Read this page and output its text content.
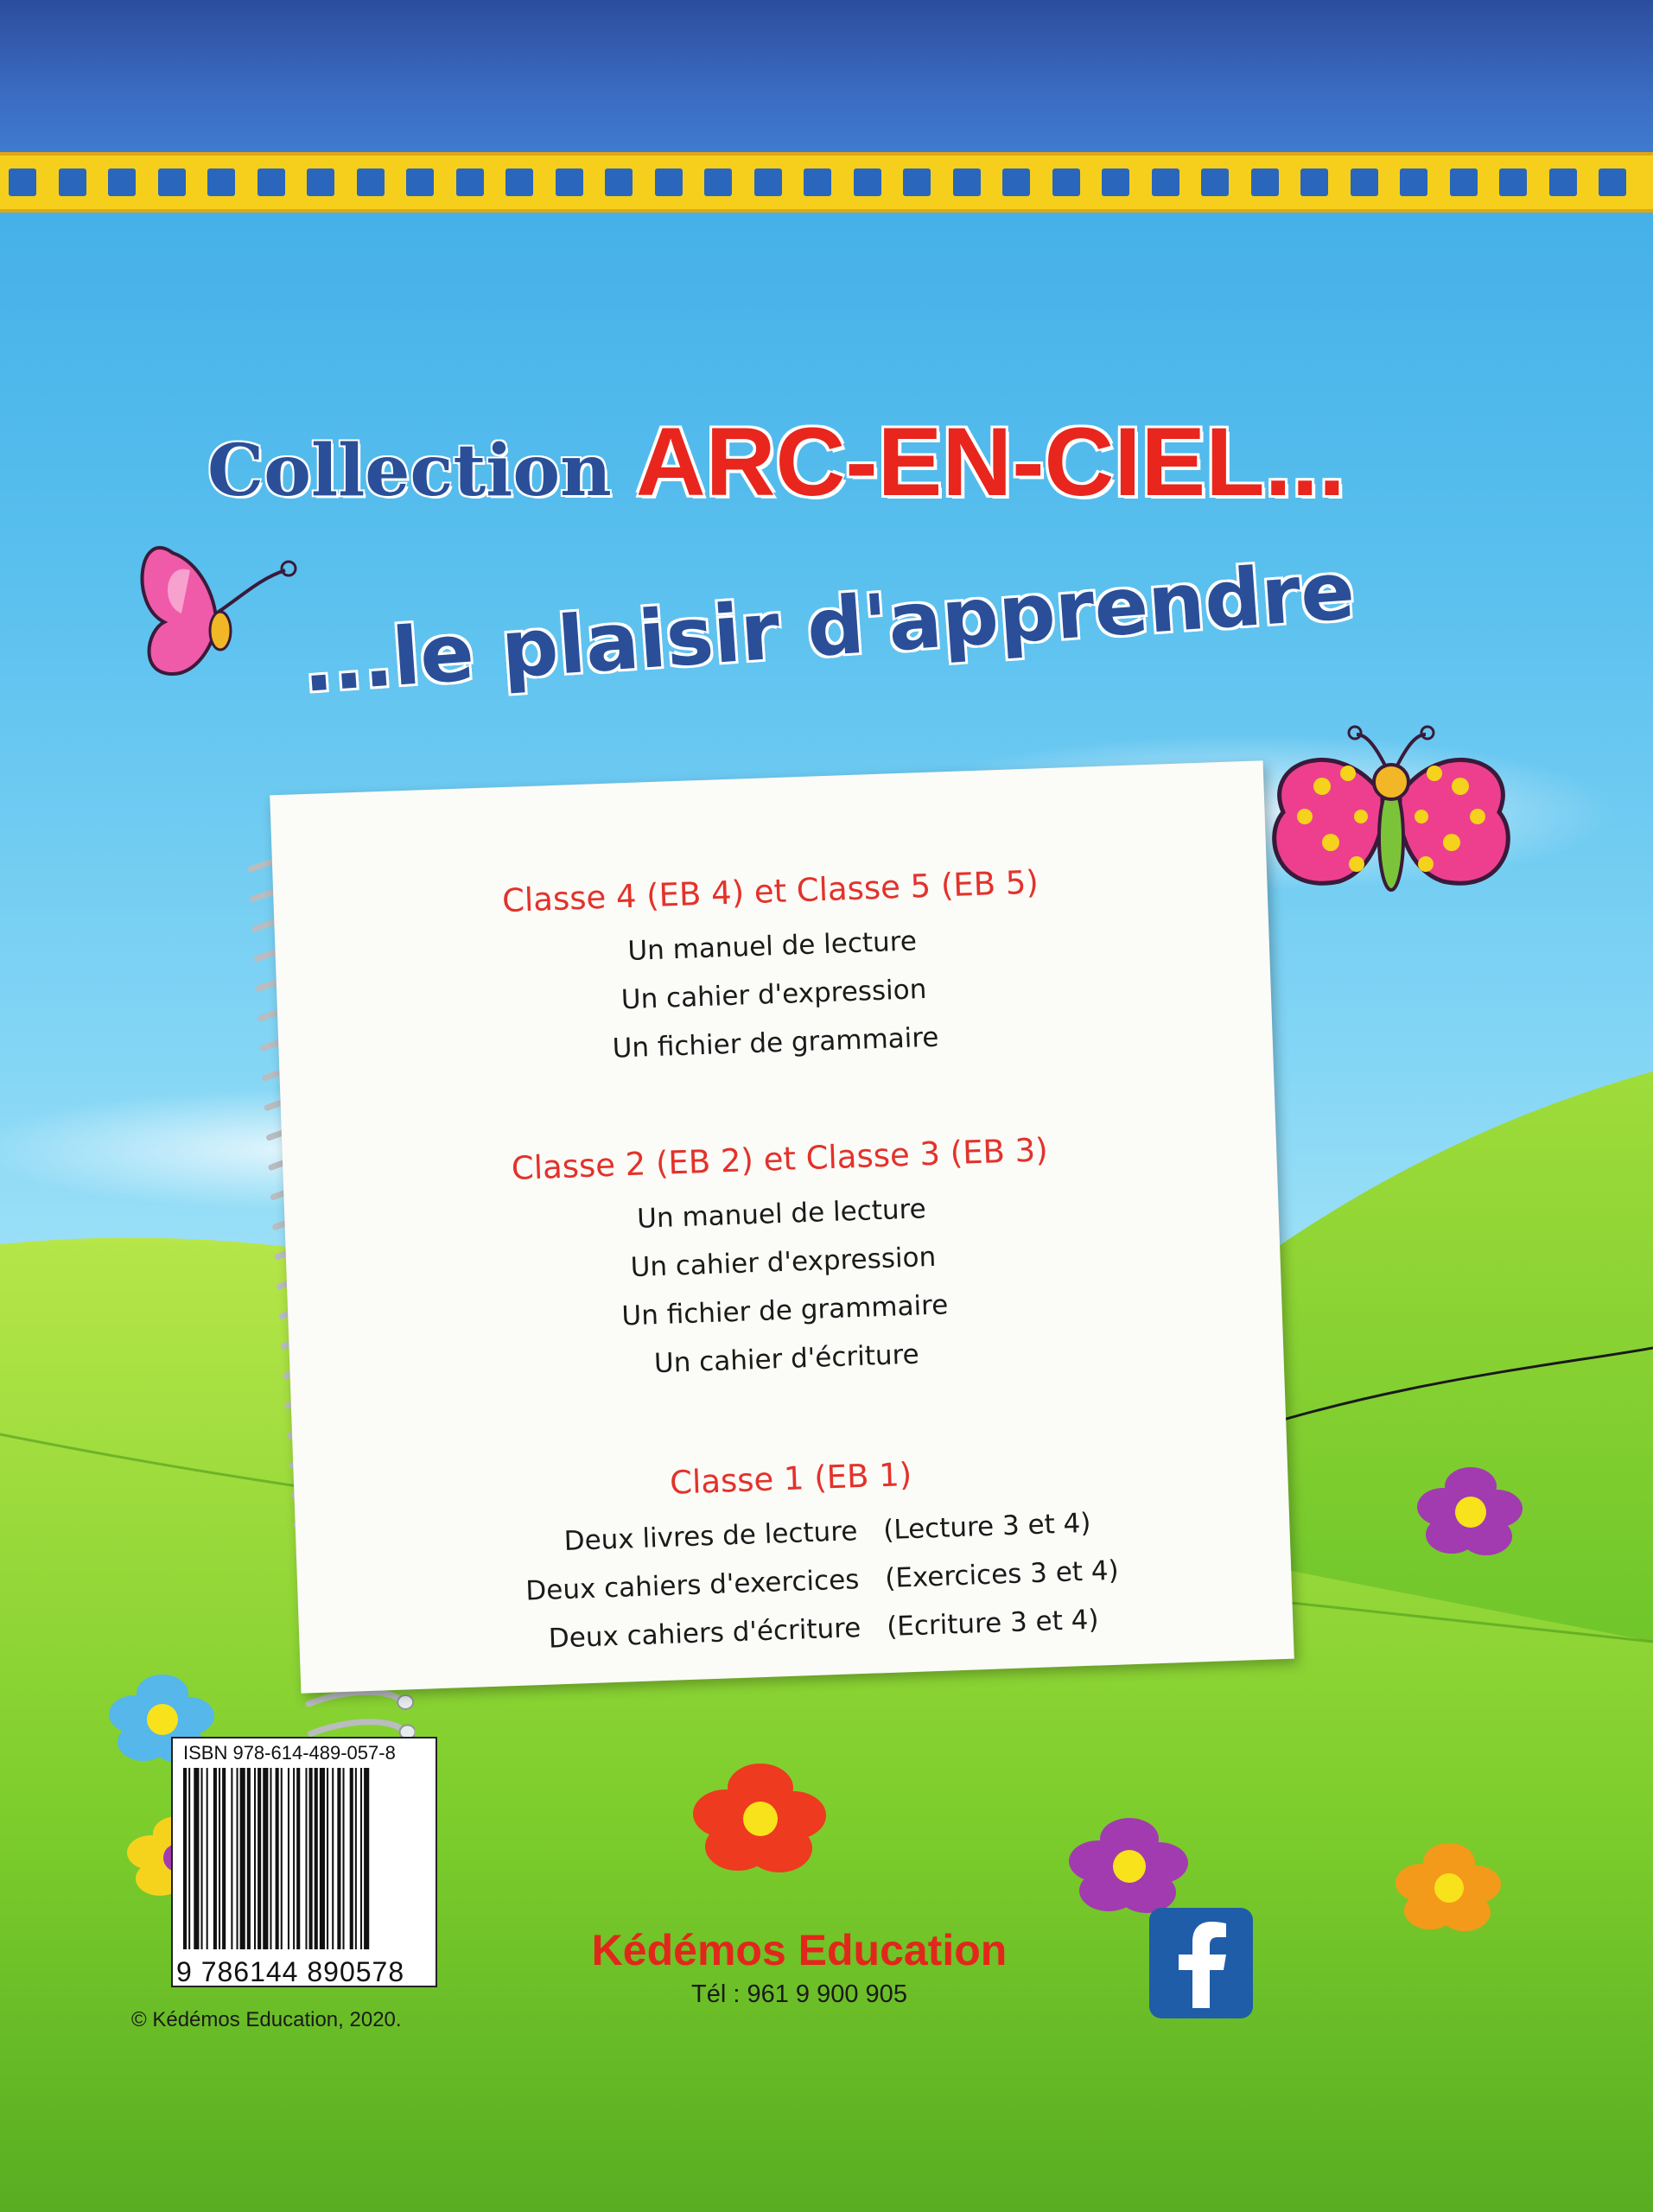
Collection ARC-EN-CIEL...
...le plaisir d'apprendre
Classe 4 (EB 4) et Classe 5 (EB 5)
Un manuel de lecture
Un cahier d'expression
Un fichier de grammaire
Classe 2 (EB 2) et Classe 3 (EB 3)
Un manuel de lecture
Un cahier d'expression
Un fichier de grammaire
Un cahier d'écriture
Classe 1 (EB 1)
Deux livres de lecture (Lecture 3 et 4)
Deux cahiers d'exercices (Exercices 3 et 4)
Deux cahiers d'écriture (Ecriture 3 et 4)
ISBN 978-614-489-057-8
9 786144 890578
© Kédémos Education, 2020.
Kédémos Education
Tél : 961 9 900 905
